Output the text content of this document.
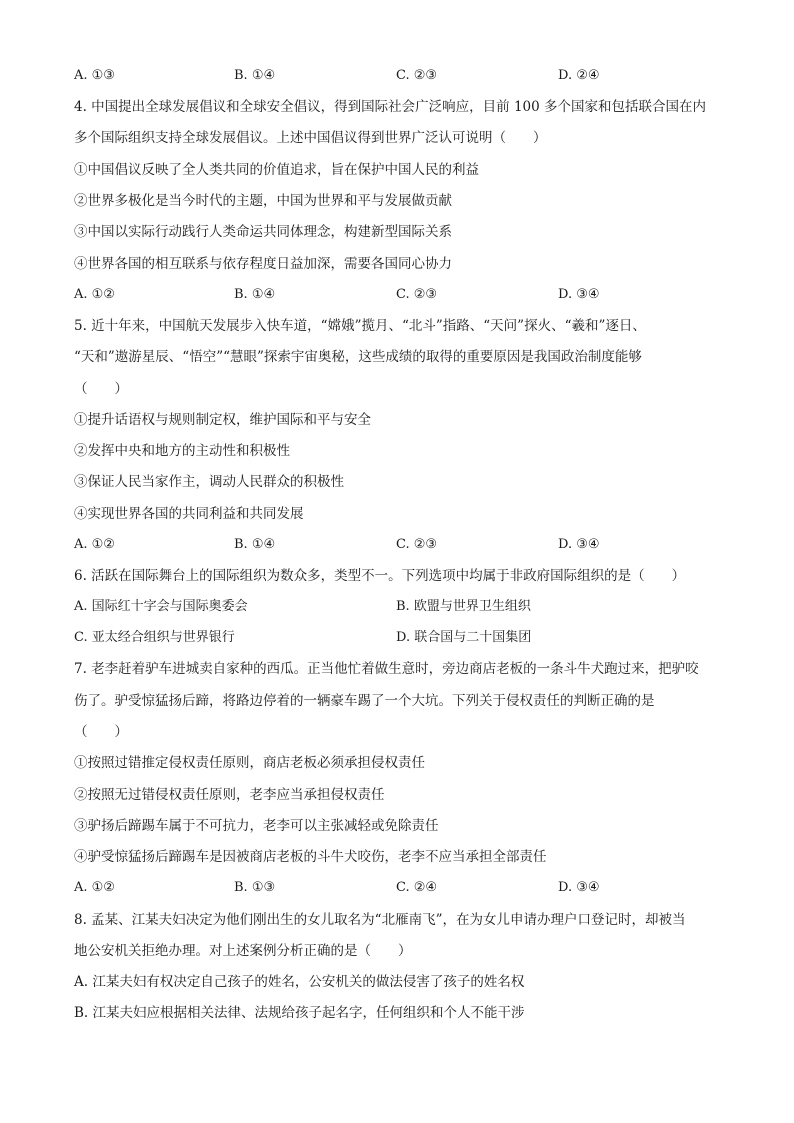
A. ①③	B. ①④	C. ②③	D. ②④
4. 中国提出全球发展倡议和全球安全倡议，得到国际社会广泛响应，目前 100 多个国家和包括联合国在内
多个国际组织支持全球发展倡议。上述中国倡议得到世界广泛认可说明（　　）
①中国倡议反映了全人类共同的价值追求，旨在保护中国人民的利益
②世界多极化是当今时代的主题，中国为世界和平与发展做贡献
③中国以实际行动践行人类命运共同体理念，构建新型国际关系
④世界各国的相互联系与依存程度日益加深，需要各国同心协力
A. ①②	B. ①④	C. ②③	D. ③④
5. 近十年来，中国航天发展步入快车道，“嫦娥”揽月、“北斗”指路、“天问”探火、“羲和”逐日、
“天和”遨游星辰、“悟空”“慧眼”探索宇宙奥秘，这些成绩的取得的重要原因是我国政治制度能够
（　　）
①提升话语权与规则制定权，维护国际和平与安全
②发挥中央和地方的主动性和积极性
③保证人民当家作主，调动人民群众的积极性
④实现世界各国的共同利益和共同发展
A. ①②	B. ①④	C. ②③	D. ③④
6. 活跃在国际舞台上的国际组织为数众多，类型不一。下列选项中均属于非政府国际组织的是（　　）
A. 国际红十字会与国际奥委会	B. 欧盟与世界卫生组织
C. 亚太经合组织与世界银行	D. 联合国与二十国集团
7. 老李赶着驴车进城卖自家种的西瓜。正当他忙着做生意时，旁边商店老板的一条斗牛犬跑过来，把驴咬
伤了。驴受惊猛扬后蹄，将路边停着的一辆豪车踢了一个大坑。下列关于侵权责任的判断正确的是
（　　）
①按照过错推定侵权责任原则，商店老板必须承担侵权责任
②按照无过错侵权责任原则，老李应当承担侵权责任
③驴扬后蹄踢车属于不可抗力，老李可以主张减轻或免除责任
④驴受惊猛扬后蹄踢车是因被商店老板的斗牛犬咬伤，老李不应当承担全部责任
A. ①②	B. ①③	C. ②④	D. ③④
8. 孟某、江某夫妇决定为他们刚出生的女儿取名为“北雁南飞”，在为女儿申请办理户口登记时，却被当
地公安机关拒绝办理。对上述案例分析正确的是（　　）
A. 江某夫妇有权决定自己孩子的姓名，公安机关的做法侵害了孩子的姓名权
B. 江某夫妇应根据相关法律、法规给孩子起名字，任何组织和个人不能干涉
